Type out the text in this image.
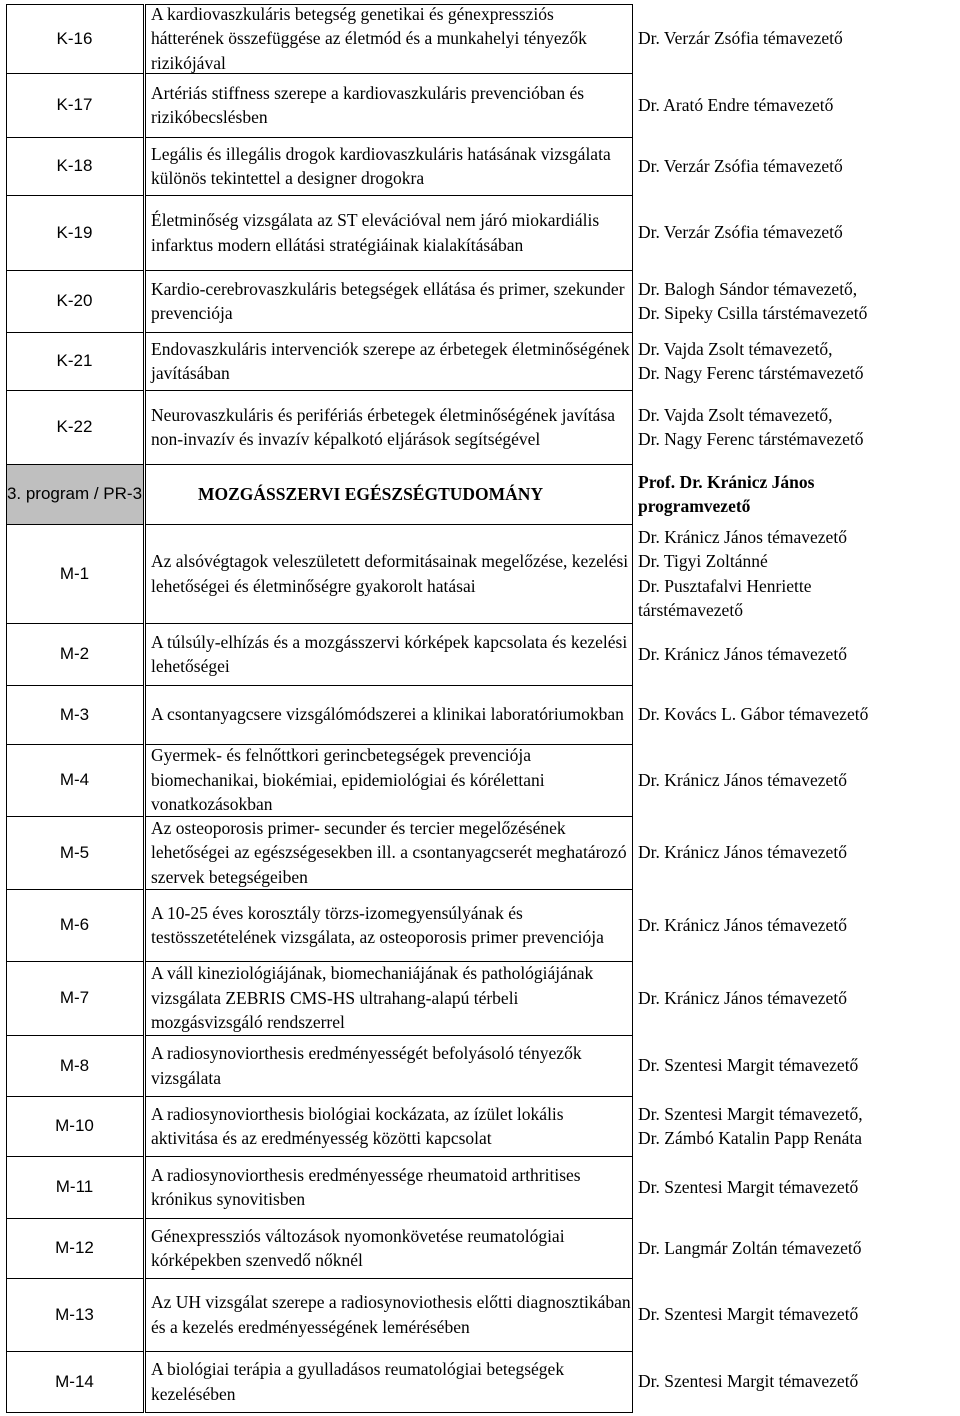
K-16
A kardiovaszkuláris betegség genetikai és génexpressziós hátterének összefüggése az életmód és a munkahelyi tényezők rizikójával
Dr. Verzár Zsófia témavezető
K-17
Artériás stiffness szerepe a kardiovaszkuláris prevencióban és rizikóbecslésben
Dr. Arató Endre témavezető
K-18
Legális és illegális drogok kardiovaszkuláris hatásának vizsgálata különös tekintettel a designer drogokra
Dr. Verzár Zsófia témavezető
K-19
Életminőség vizsgálata az ST elevációval nem járó miokardiális infarktus modern ellátási stratégiáinak kialakításában
Dr. Verzár Zsófia témavezető
K-20
Kardio-cerebrovaszkuláris betegségek ellátása és primer, szekunder prevenciója
Dr. Balogh Sándor témavezető,
Dr. Sipeky Csilla társtémavezető
K-21
Endovaszkuláris intervenciók szerepe az érbetegek életminőségének javításában
Dr. Vajda Zsolt témavezető,
Dr. Nagy Ferenc társtémavezető
K-22
Neurovaszkuláris és perifériás érbetegek életminőségének javítása non-invazív és invazív képalkotó eljárások segítségével
Dr. Vajda Zsolt témavezető,
Dr. Nagy Ferenc társtémavezető
3. program / PR-3	MOZGÁSSZERVI EGÉSZSÉGTUDOMÁNY
Prof. Dr. Kránicz János
programvezető
M-1
Az alsóvégtagok veleszületett deformitásainak megelőzése, kezelési lehetőségei és életminőségre gyakorolt hatásai
Dr. Kránicz János témavezető
Dr. Tigyi Zoltánné
Dr. Pusztafalvi Henriette
társtémavezető
M-2
A túlsúly-elhízás és a mozgásszervi kórképek kapcsolata és kezelési lehetőségei
Dr. Kránicz János témavezető
M-3	A csontanyagcsere vizsgálómódszerei a klinikai laboratóriumokban Dr. Kovács L. Gábor témavezető
M-4
Gyermek- és felnőttkori gerincbetegségek prevenciója biomechanikai, biokémiai, epidemiológiai és kórélettani vonatkozásokban
Dr. Kránicz János témavezető
M-5
Az osteoporosis primer- secunder és tercier megelőzésének lehetőségei az egészségesekben ill. a csontanyagcserét meghatározó szervek betegségeiben
Dr. Kránicz János témavezető
M-6
A 10-25 éves korosztály törzs-izomegyensúlyának és testösszetételének vizsgálata, az osteoporosis primer prevenciója
Dr. Kránicz János témavezető
M-7
A váll kineziológiájának, biomechaniájának és pathológiájának vizsgálata ZEBRIS CMS-HS ultrahang-alapú térbeli mozgásvizsgáló rendszerrel
Dr. Kránicz János témavezető
M-8
A radiosynoviorthesis eredményességét befolyásoló tényezők vizsgálata
Dr. Szentesi Margit témavezető
M-10
A radiosynoviorthesis biológiai kockázata, az ízület lokális aktivitása és az eredményesség közötti kapcsolat
Dr. Szentesi Margit témavezető,
Dr. Zámbó Katalin Papp Renáta
M-11
A radiosynoviorthesis eredményessége rheumatoid arthritises krónikus synovitisben
Dr. Szentesi Margit témavezető
M-12
Génexpressziós változások nyomonkövetése reumatológiai kórképekben szenvedő nőknél
Dr. Langmár Zoltán témavezető
M-13
Az UH vizsgálat szerepe a radiosynoviothesis előtti diagnosztikában és a kezelés eredményességének lemérésében
Dr. Szentesi Margit témavezető
M-14
A biológiai terápia a gyulladásos reumatológiai betegségek kezelésében
Dr. Szentesi Margit témavezető
